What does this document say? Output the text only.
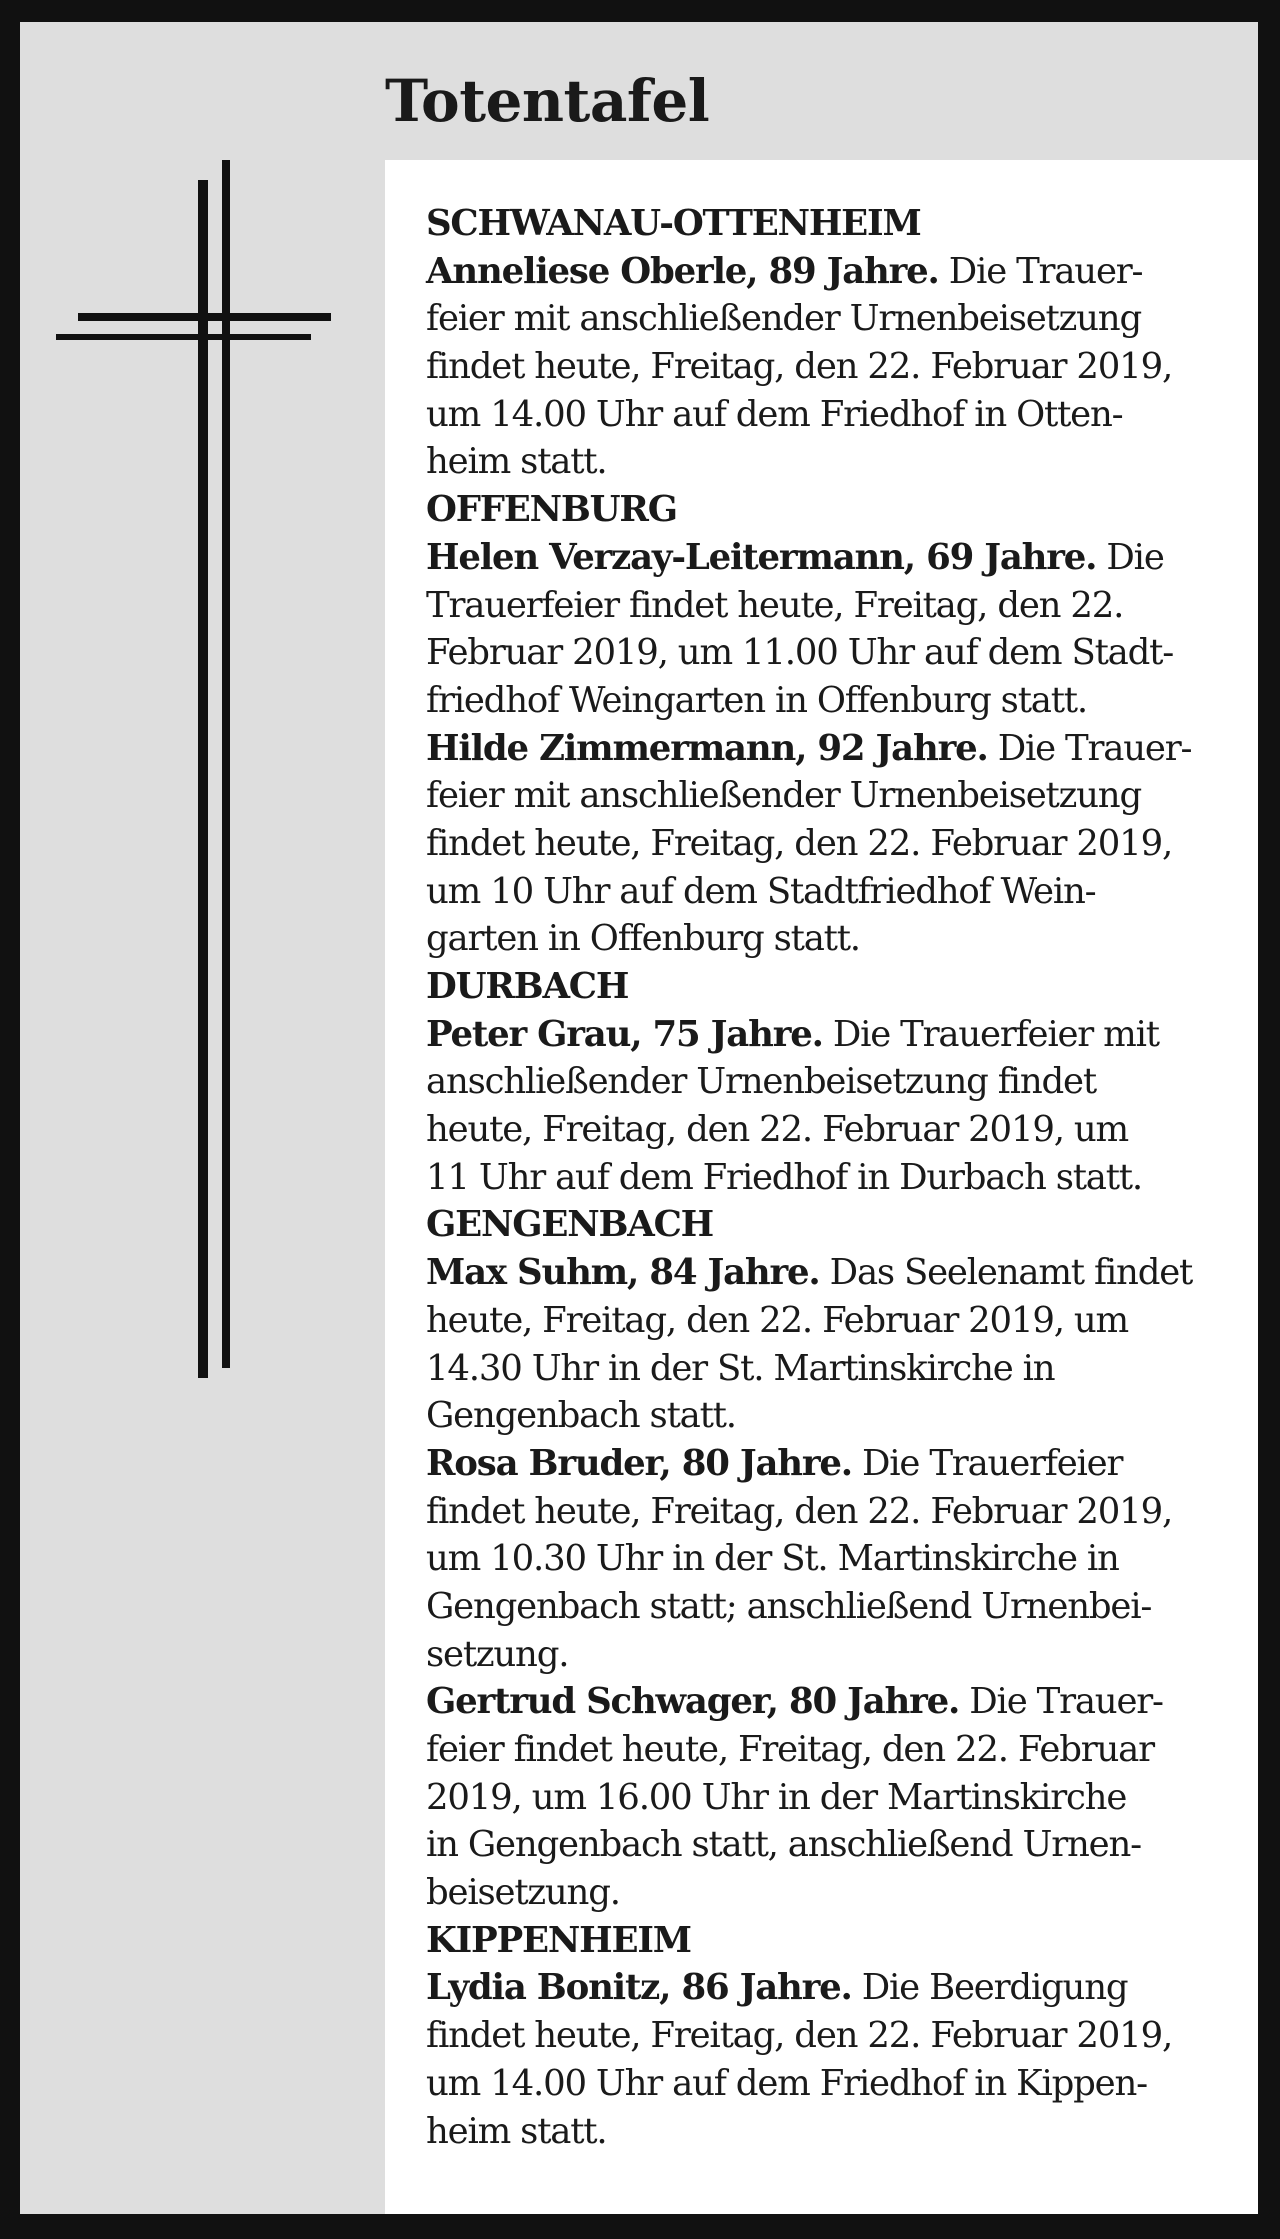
Totentafel
SCHWANAU-OTTENHEIM
Anneliese Oberle, 89 Jahre. Die Trauer-
feier mit anschließender Urnenbeisetzung
findet heute, Freitag, den 22. Februar 2019,
um 14.00 Uhr auf dem Friedhof in Otten-
heim statt.
OFFENBURG
Helen Verzay-Leitermann, 69 Jahre. Die
Trauerfeier findet heute, Freitag, den 22.
Februar 2019, um 11.00 Uhr auf dem Stadt-
friedhof Weingarten in Offenburg statt.
Hilde Zimmermann, 92 Jahre. Die Trauer-
feier mit anschließender Urnenbeisetzung
findet heute, Freitag, den 22. Februar 2019,
um 10 Uhr auf dem Stadtfriedhof Wein-
garten in Offenburg statt.
DURBACH
Peter Grau, 75 Jahre. Die Trauerfeier mit
anschließender Urnenbeisetzung findet
heute, Freitag, den 22. Februar 2019, um
11 Uhr auf dem Friedhof in Durbach statt.
GENGENBACH
Max Suhm, 84 Jahre. Das Seelenamt findet
heute, Freitag, den 22. Februar 2019, um
14.30 Uhr in der St. Martinskirche in
Gengenbach statt.
Rosa Bruder, 80 Jahre. Die Trauerfeier
findet heute, Freitag, den 22. Februar 2019,
um 10.30 Uhr in der St. Martinskirche in
Gengenbach statt; anschließend Urnenbei-
setzung.
Gertrud Schwager, 80 Jahre. Die Trauer-
feier findet heute, Freitag, den 22. Februar
2019, um 16.00 Uhr in der Martinskirche
in Gengenbach statt, anschließend Urnen-
beisetzung.
KIPPENHEIM
Lydia Bonitz, 86 Jahre. Die Beerdigung
findet heute, Freitag, den 22. Februar 2019,
um 14.00 Uhr auf dem Friedhof in Kippen-
heim statt.
